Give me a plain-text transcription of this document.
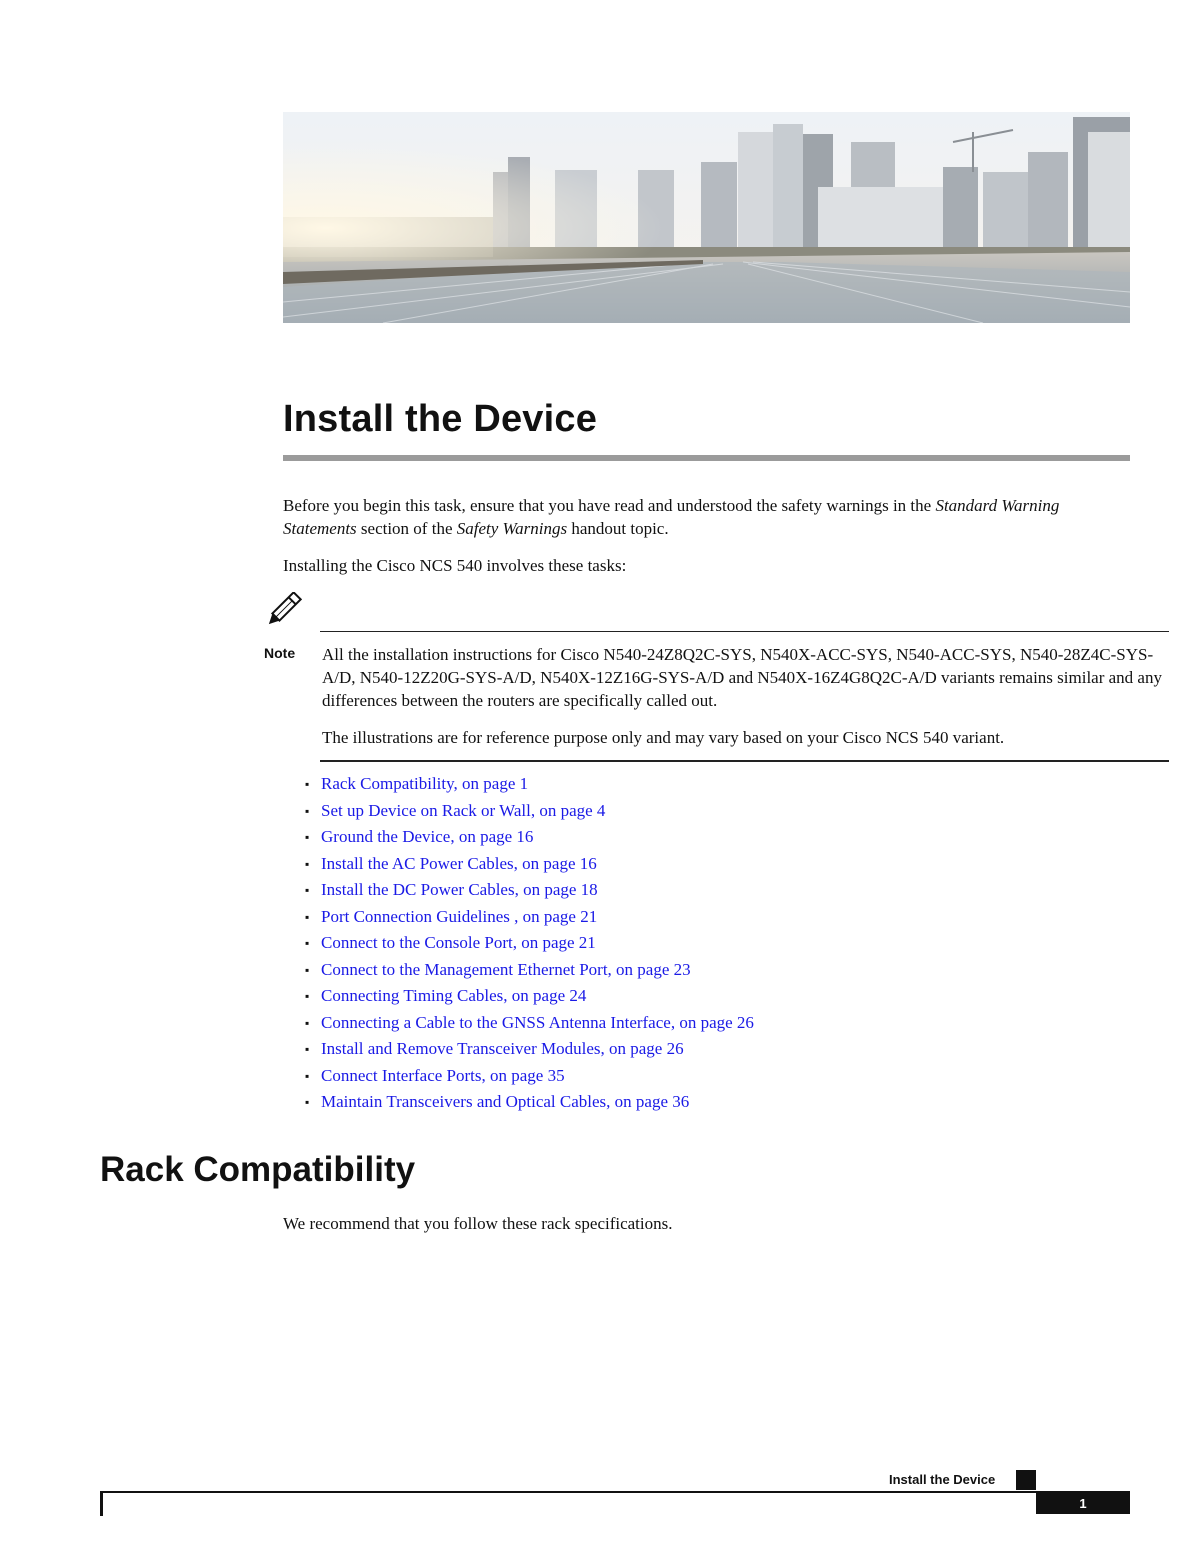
Install the Device

Before you begin this task, ensure that you have read and understood the safety warnings in the Standard Warning Statements section of the Safety Warnings handout topic.

Installing the Cisco NCS 540 involves these tasks:

Note All the installation instructions for Cisco N540-24Z8Q2C-SYS, N540X-ACC-SYS, N540-ACC-SYS, N540-28Z4C-SYS-A/D, N540-12Z20G-SYS-A/D, N540X-12Z16G-SYS-A/D and N540X-16Z4G8Q2C-A/D variants remains similar and any differences between the routers are specifically called out.

The illustrations are for reference purpose only and may vary based on your Cisco NCS 540 variant.

▪ Rack Compatibility, on page 1
▪ Set up Device on Rack or Wall, on page 4
▪ Ground the Device, on page 16
▪ Install the AC Power Cables, on page 16
▪ Install the DC Power Cables, on page 18
▪ Port Connection Guidelines , on page 21
▪ Connect to the Console Port, on page 21
▪ Connect to the Management Ethernet Port, on page 23
▪ Connecting Timing Cables, on page 24
▪ Connecting a Cable to the GNSS Antenna Interface, on page 26
▪ Install and Remove Transceiver Modules, on page 26
▪ Connect Interface Ports, on page 35
▪ Maintain Transceivers and Optical Cables, on page 36
Rack Compatibility

We recommend that you follow these rack specifications.

Install the Device
1
